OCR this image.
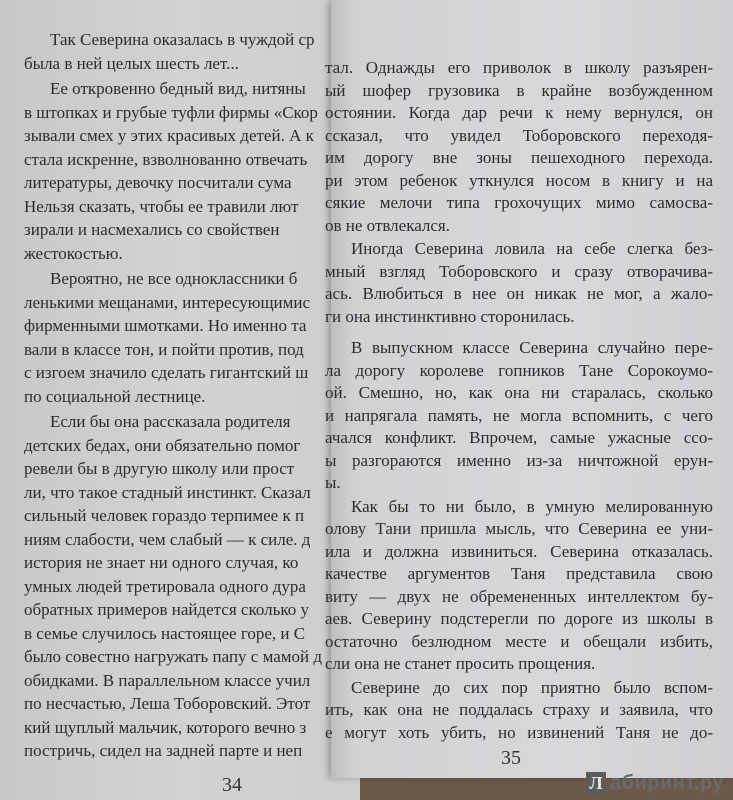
Так Северина оказалась в чуждой ср
была в ней целых шесть лет...
Ее откровенно бедный вид, нитяны
в штопках и грубые туфли фирмы «Скор
зывали смех у этих красивых детей. А к
стала искренне, взволнованно отвечать
литературы, девочку посчитали сума
Нельзя сказать, чтобы ее травили лют
зирали и насмехались со свойствен
жестокостью.
Вероятно, не все одноклассники б
ленькими мещанами, интересующимис
фирменными шмотками. Но именно та
вали в классе тон, и пойти против, под
с изгоем значило сделать гигантский ш
по социальной лестнице.
Если бы она рассказала родителя
детских бедах, они обязательно помог
ревели бы в другую школу или прост
ли, что такое стадный инстинкт. Сказал
сильный человек гораздо терпимее к п
ниям слабости, чем слабый — к силе. д
история не знает ни одного случая, ко
умных людей третировала одного дура
обратных примеров найдется сколько у
в семье случилось настоящее горе, и С
было совестно нагружать папу с мамой д
обидками. В параллельном классе учил
по несчастью, Леша Тоборовский. Этот
кий щуплый мальчик, которого вечно з
постричь, сидел на задней парте и неп
34
тал. Однажды его приволок в школу разъярен-
ый шофер грузовика в крайне возбужденном
остоянии. Когда дар речи к нему вернулся, он
ссказал, что увидел Тоборовского переходя-
им дорогу вне зоны пешеходного перехода.
ри этом ребенок уткнулся носом в книгу и на
сякие мелочи типа грохочущих мимо самосва-
ов не отвлекался.
Иногда Северина ловила на себе слегка без-
мный взгляд Тоборовского и сразу отворачива-
ась. Влюбиться в нее он никак не мог, а жало-
ги она инстинктивно сторонилась.
В выпускном классе Северина случайно пере-
ла дорогу королеве гопников Тане Сорокоумо-
ой. Смешно, но, как она ни старалась, сколько
и напрягала память, не могла вспомнить, с чего
ачался конфликт. Впрочем, самые ужасные ссо-
ы разгораются именно из-за ничтожной ерун-
ы.
Как бы то ни было, в умную мелированную
олову Тани пришла мысль, что Северина ее уни-
ила и должна извиниться. Северина отказалась.
качестве аргументов Таня представила свою
виту — двух не обремененных интеллектом бу-
аев. Северину подстерегли по дороге из школы в
остаточно безлюдном месте и обещали избить,
сли она не станет просить прощения.
Северине до сих пор приятно было вспом-
ить, как она не поддалась страху и заявила, что
е могут хоть убить, но извинений Таня не до-
35
Л абиринт.ру
